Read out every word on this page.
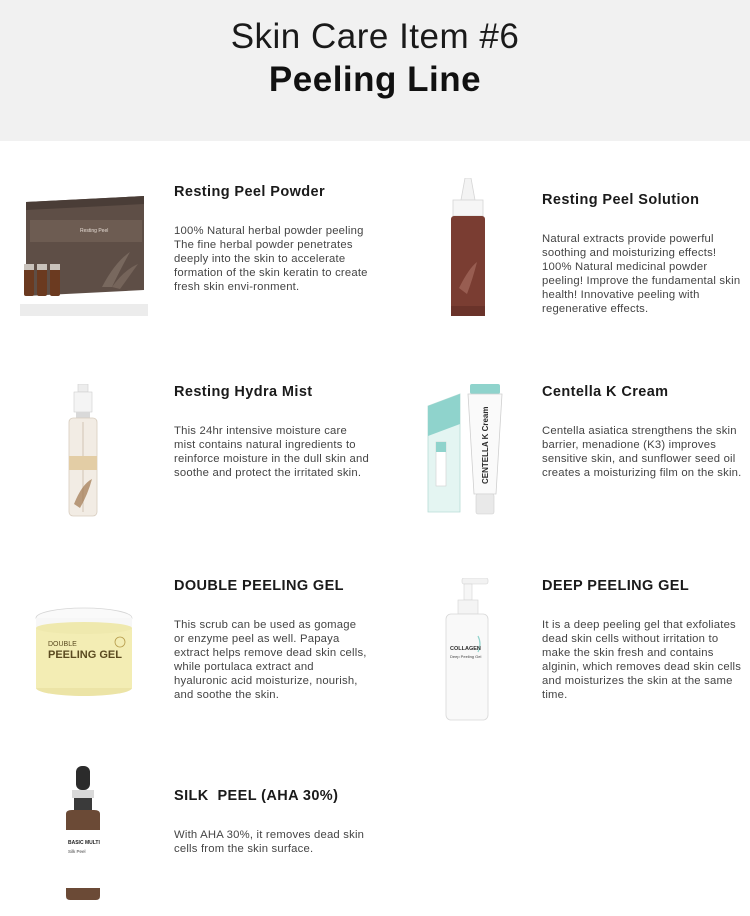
Skin Care Item #6
Peeling Line
Resting Peel
Resting Peel Powder
100% Natural herbal powder peeling The fine herbal powder penetrates deeply into the skin to accelerate formation of the skin keratin to create fresh skin envi-ronment.
Resting Peel Solution
Natural extracts provide powerful soothing and moisturizing effects! 100% Natural medicinal powder peeling! Improve the fundamental skin health! Innovative peeling with regenerative effects.
Resting Hydra Mist
This 24hr intensive moisture care mist contains natural ingredients to reinforce moisture in the dull skin and soothe and protect the irritated skin.	CENTELLA K Cream
Centella K Cream
Centella asiatica strengthens the skin barrier, menadione (K3) improves sensitive skin, and sunflower seed oil creates a moisturizing film on the skin.
DOUBLE
PEELING GEL
DOUBLE PEELING GEL
This scrub can be used as gomage or enzyme peel as well. Papaya extract helps remove dead skin cells, while portulaca extract and hyaluronic acid moisturize, nourish, and soothe the skin.
COLLAGEN
Deep Peeling Gel
DEEP PEELING GEL
It is a deep peeling gel that exfoliates dead skin cells without irritation to make the skin fresh and contains alginin, which removes dead skin cells and moisturizes the skin at the same time.
BASIC MULTI
Silk Peel
SILK  PEEL (AHA 30%)
With AHA 30%, it removes dead skin cells from the skin surface.
